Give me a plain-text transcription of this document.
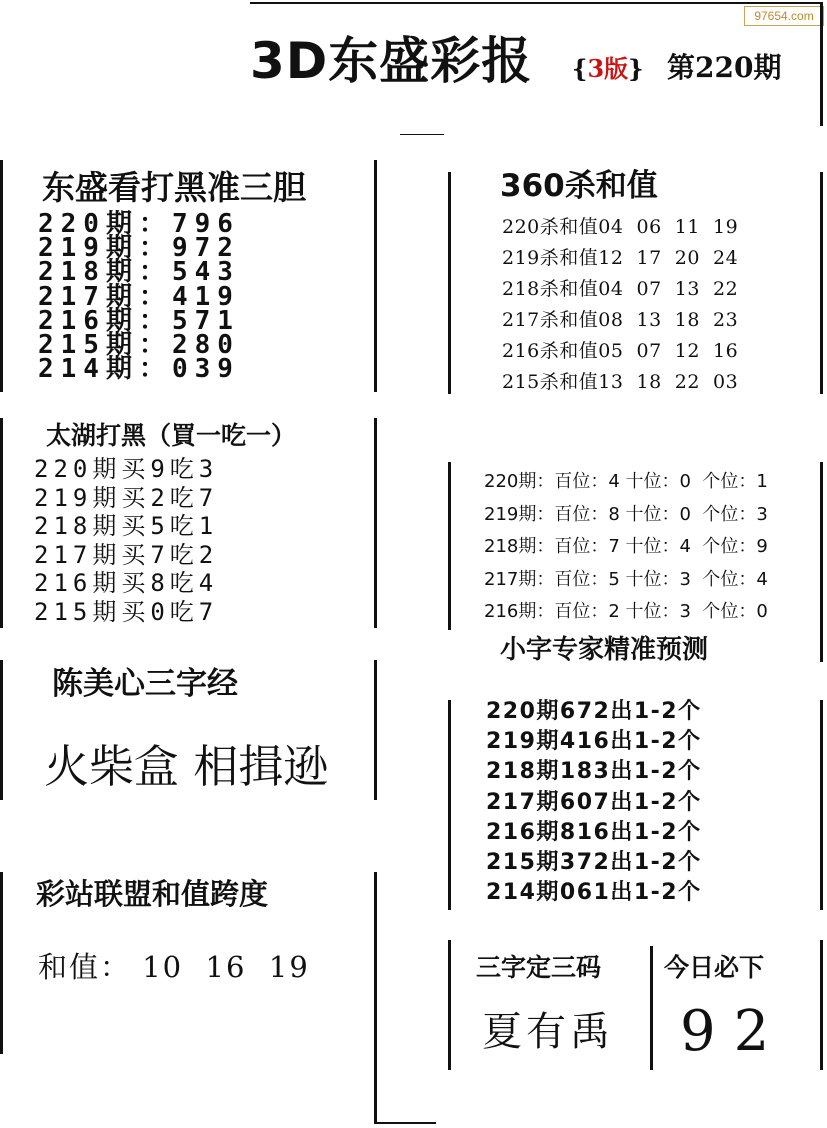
97654.com
3D东盛彩报 {3版} 第220期
东盛看打黑准三胆
220期：796
219期：972
218期：543
217期：419
216期：571
215期：280
214期：039
360杀和值
220杀和值04  06  11  19
219杀和值12  17  20  24
218杀和值04  07  13  22
217杀和值08  13  18  23
216杀和值05  07  12  16
215杀和值13  18  22  03
太湖打黑（買一吃一）
220期买9吃3
219期买2吃7
218期买5吃1
217期买7吃2
216期买8吃4
215期买0吃7
220期：百位：4 十位：0  个位：1
219期：百位：8 十位：0  个位：3
218期：百位：7 十位：4  个位：9
217期：百位：5 十位：3  个位：4
216期：百位：2 十位：3  个位：0
小字专家精准预测
陈美心三字经
火柴盒 相揖逊
220期672出1-2个
219期416出1-2个
218期183出1-2个
217期607出1-2个
216期816出1-2个
215期372出1-2个
214期061出1-2个
彩站联盟和值跨度
和值： 10  16  19	三字定三码	今日必下
夏有禹 92
